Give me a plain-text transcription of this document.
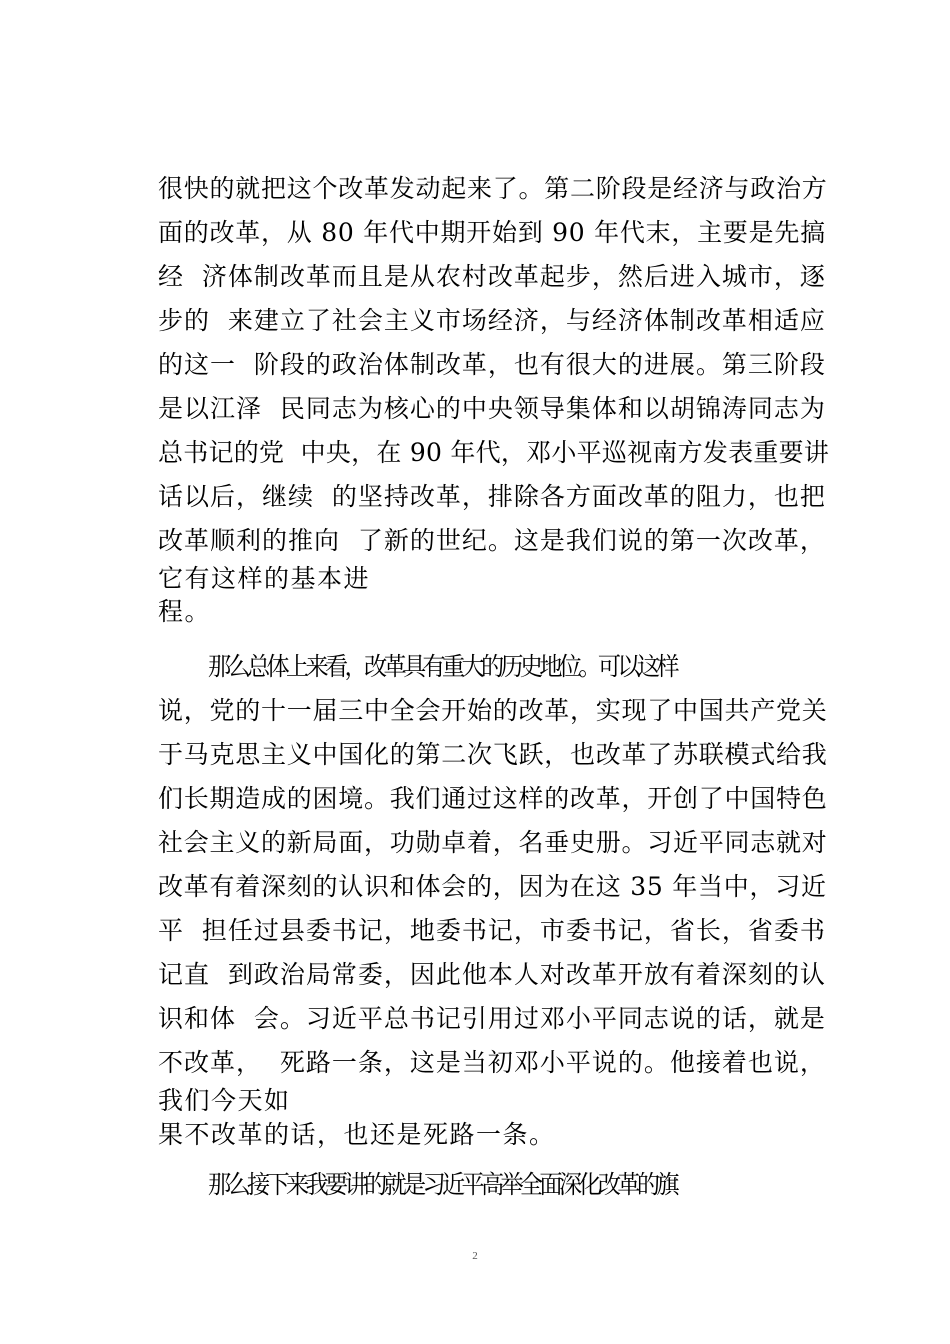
很快的就把这个改革发动起来了。第二阶段是经济与政治方
面的改革，从 80 年代中期开始到 90 年代末，主要是先搞
经  济体制改革而且是从农村改革起步，然后进入城市，逐
步的  来建立了社会主义市场经济，与经济体制改革相适应
的这一  阶段的政治体制改革，也有很大的进展。第三阶段
是以江泽  民同志为核心的中央领导集体和以胡锦涛同志为
总书记的党  中央，在 90 年代，邓小平巡视南方发表重要讲
话以后，继续  的坚持改革，排除各方面改革的阻力，也把
改革顺利的推向  了新的世纪。这是我们说的第一次改革，
它有这样的基本进
程。
那么总体上来看，改革具有重大的历史地位。可以这样
说，党的十一届三中全会开始的改革，实现了中国共产党关
于马克思主义中国化的第二次飞跃，也改革了苏联模式给我
们长期造成的困境。我们通过这样的改革，开创了中国特色
社会主义的新局面，功勋卓着，名垂史册。习近平同志就对
改革有着深刻的认识和体会的，因为在这 35 年当中，习近
平  担任过县委书记，地委书记，市委书记，省长，省委书
记直  到政治局常委，因此他本人对改革开放有着深刻的认
识和体  会。习近平总书记引用过邓小平同志说的话，就是
不改革，  死路一条，这是当初邓小平说的。他接着也说，
我们今天如
果不改革的话，也还是死路一条。
那么接下来我要讲的就是习近平高举全面深化改革的旗
2
